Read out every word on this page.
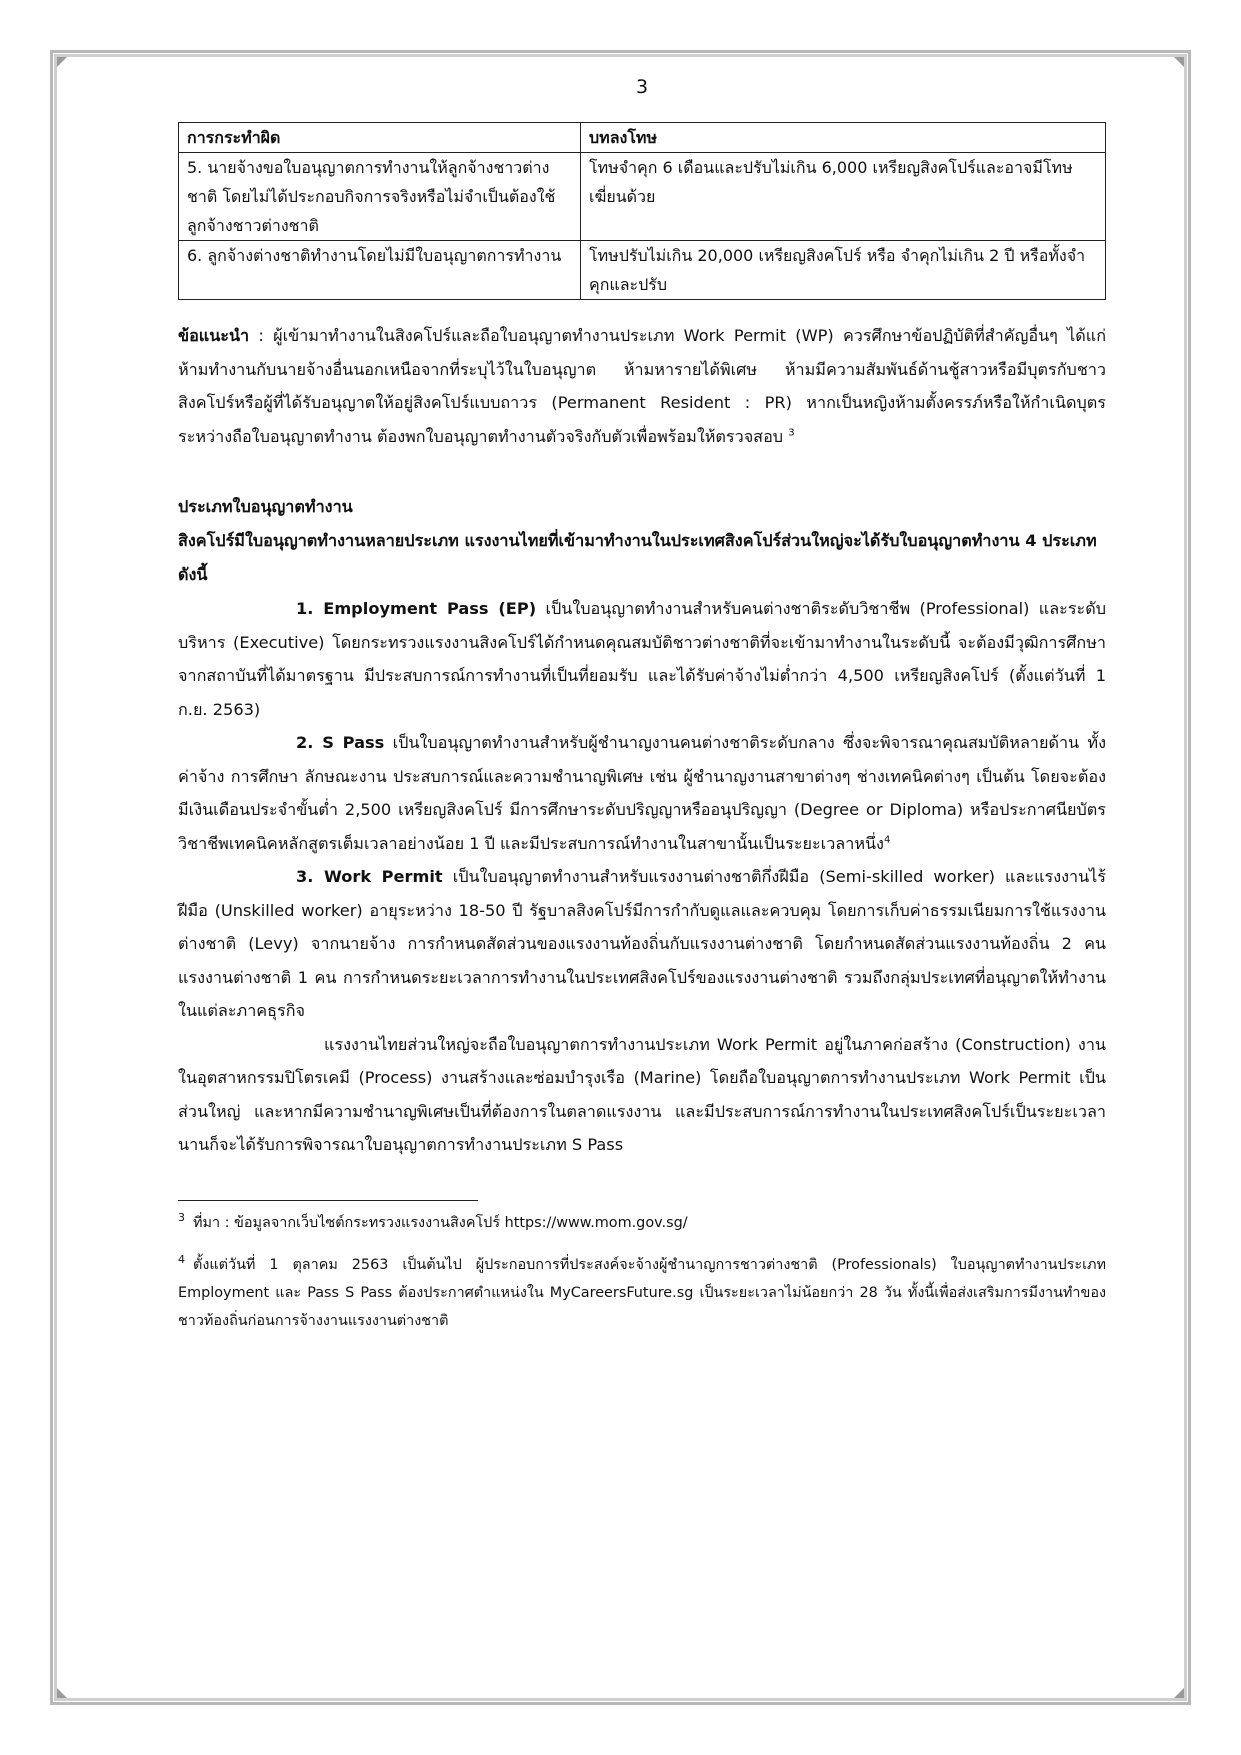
3
การกระทำผิด	บทลงโทษ
5. นายจ้างขอใบอนุญาตการทำงานให้ลูกจ้างชาวต่างชาติ โดยไม่ได้ประกอบกิจการจริงหรือไม่จำเป็นต้องใช้ลูกจ้างชาวต่างชาติ	โทษจำคุก 6 เดือนและปรับไม่เกิน 6,000 เหรียญสิงคโปร์และอาจมีโทษเฆี่ยนด้วย
6. ลูกจ้างต่างชาติทำงานโดยไม่มีใบอนุญาตการทำงาน	โทษปรับไม่เกิน 20,000 เหรียญสิงคโปร์ หรือ จำคุกไม่เกิน 2 ปี หรือทั้งจำคุกและปรับ

ข้อแนะนำ : ผู้เข้ามาทำงานในสิงคโปร์และถือใบอนุญาตทำงานประเภท Work Permit (WP) ควรศึกษาข้อปฏิบัติที่สำคัญอื่นๆ ได้แก่ ห้ามทำงานกับนายจ้างอื่นนอกเหนือจากที่ระบุไว้ในใบอนุญาต ห้ามหารายได้พิเศษ ห้ามมีความสัมพันธ์ด้านชู้สาวหรือมีบุตรกับชาวสิงคโปร์หรือผู้ที่ได้รับอนุญาตให้อยู่สิงคโปร์แบบถาวร (Permanent Resident : PR) หากเป็นหญิงห้ามตั้งครรภ์หรือให้กำเนิดบุตรระหว่างถือใบอนุญาตทำงาน ต้องพกใบอนุญาตทำงานตัวจริงกับตัวเพื่อพร้อมให้ตรวจสอบ $^3$

ประเภทใบอนุญาตทำงาน

สิงคโปร์มีใบอนุญาตทำงานหลายประเภท แรงงานไทยที่เข้ามาทำงานในประเทศสิงคโปร์ส่วนใหญ่จะได้รับใบอนุญาตทำงาน 4 ประเภท ดังนี้

1. Employment Pass (EP) เป็นใบอนุญาตทำงานสำหรับคนต่างชาติระดับวิชาชีพ (Professional) และระดับบริหาร (Executive) โดยกระทรวงแรงงานสิงคโปร์ได้กำหนดคุณสมบัติชาวต่างชาติที่จะเข้ามาทำงานในระดับนี้ จะต้องมีวุฒิการศึกษาจากสถาบันที่ได้มาตรฐาน มีประสบการณ์การทำงานที่เป็นที่ยอมรับ และได้รับค่าจ้างไม่ต่ำกว่า 4,500 เหรียญสิงคโปร์ (ตั้งแต่วันที่ 1 ก.ย. 2563)

2. S Pass เป็นใบอนุญาตทำงานสำหรับผู้ชำนาญงานคนต่างชาติระดับกลาง ซึ่งจะพิจารณาคุณสมบัติหลายด้าน ทั้งค่าจ้าง การศึกษา ลักษณะงาน ประสบการณ์และความชำนาญพิเศษ เช่น ผู้ชำนาญงานสาขาต่างๆ ช่างเทคนิคต่างๆ เป็นต้น โดยจะต้องมีเงินเดือนประจำขั้นต่ำ 2,500 เหรียญสิงคโปร์ มีการศึกษาระดับปริญญาหรืออนุปริญญา (Degree or Diploma) หรือประกาศนียบัตรวิชาชีพเทคนิคหลักสูตรเต็มเวลาอย่างน้อย 1 ปี และมีประสบการณ์ทำงานในสาขานั้นเป็นระยะเวลาหนึ่ง$^4$

3. Work Permit เป็นใบอนุญาตทำงานสำหรับแรงงานต่างชาติกึ่งฝีมือ (Semi-skilled worker) และแรงงานไร้ฝีมือ (Unskilled worker) อายุระหว่าง 18-50 ปี รัฐบาลสิงคโปร์มีการกำกับดูแลและควบคุม โดยการเก็บค่าธรรมเนียมการใช้แรงงานต่างชาติ (Levy) จากนายจ้าง การกำหนดสัดส่วนของแรงงานท้องถิ่นกับแรงงานต่างชาติ โดยกำหนดสัดส่วนแรงงานท้องถิ่น 2 คน แรงงานต่างชาติ 1 คน การกำหนดระยะเวลาการทำงานในประเทศสิงคโปร์ของแรงงานต่างชาติ รวมถึงกลุ่มประเทศที่อนุญาตให้ทำงานในแต่ละภาคธุรกิจ

แรงงานไทยส่วนใหญ่จะถือใบอนุญาตการทำงานประเภท Work Permit อยู่ในภาคก่อสร้าง (Construction) งานในอุตสาหกรรมปิโตรเคมี (Process) งานสร้างและซ่อมบำรุงเรือ (Marine) โดยถือใบอนุญาตการทำงานประเภท Work Permit เป็นส่วนใหญ่ และหากมีความชำนาญพิเศษเป็นที่ต้องการในตลาดแรงงาน และมีประสบการณ์การทำงานในประเทศสิงคโปร์เป็นระยะเวลานานก็จะได้รับการพิจารณาใบอนุญาตการทำงานประเภท S Pass

$^3$ ที่มา : ข้อมูลจากเว็บไซต์กระทรวงแรงงานสิงคโปร์ https://www.mom.gov.sg/

$^4$ ตั้งแต่วันที่ 1 ตุลาคม 2563 เป็นต้นไป ผู้ประกอบการที่ประสงค์จะจ้างผู้ชำนาญการชาวต่างชาติ (Professionals) ใบอนุญาตทำงานประเภท Employment และ Pass S Pass ต้องประกาศตำแหน่งใน MyCareersFuture.sg เป็นระยะเวลาไม่น้อยกว่า 28 วัน ทั้งนี้เพื่อส่งเสริมการมีงานทำของชาวท้องถิ่นก่อนการจ้างงานแรงงานต่างชาติ
